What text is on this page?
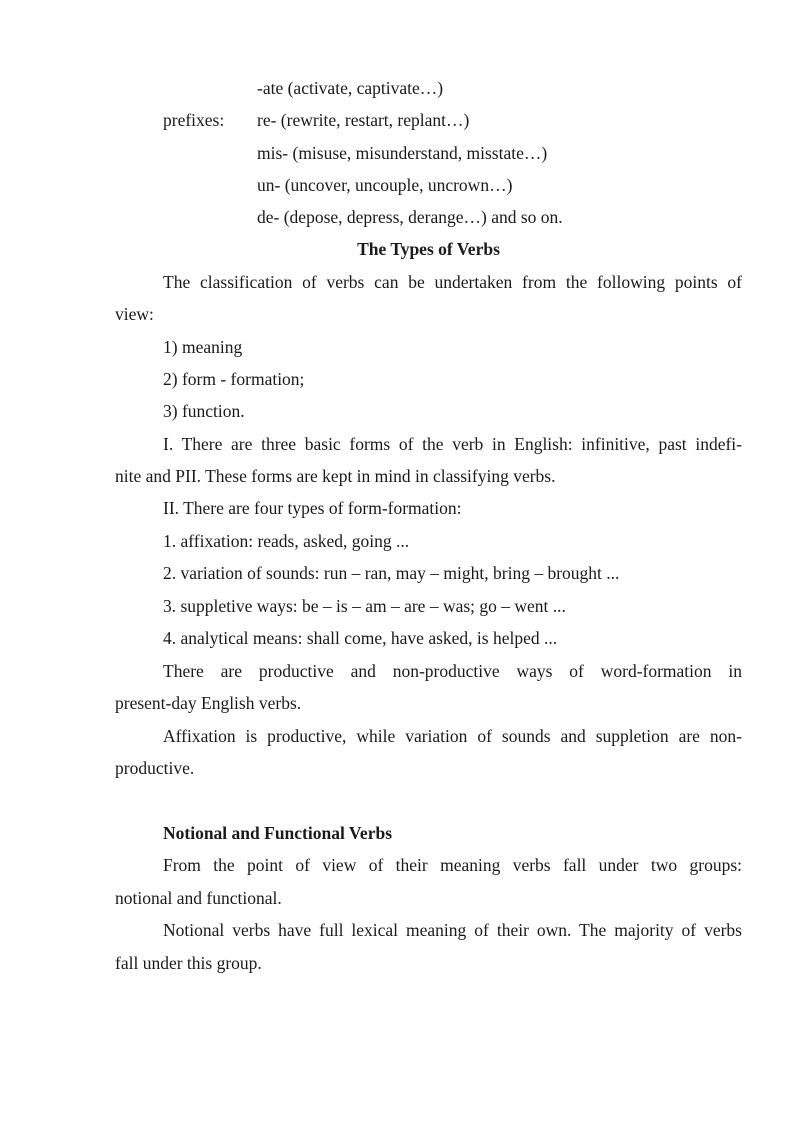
-ate (activate, captivate…)
prefixes: re- (rewrite, restart, replant…)
mis- (misuse, misunderstand, misstate…)
un- (uncover, uncouple, uncrown…)
de- (depose, depress, derange…) and so on.
The Types of Verbs
The classification of verbs can be undertaken from the following points of
view:
1) meaning
2) form - formation;
3) function.
I. There are three basic forms of the verb in English: infinitive, past indefi-
nite and PII. These forms are kept in mind in classifying verbs.
II. There are four types of form-formation:
1. affixation: reads, asked, going ...
2. variation of sounds: run – ran, may – might, bring – brought ...
3. suppletive ways: be – is – am – are – was; go – went ...
4. analytical means: shall come, have asked, is helped ...
There are productive and non-productive ways of word-formation in
present-day English verbs.
Affixation is productive, while variation of sounds and suppletion are non-
productive.
Notional and Functional Verbs
From the point of view of their meaning verbs fall under two groups:
notional and functional.
Notional verbs have full lexical meaning of their own. The majority of verbs
fall under this group.
